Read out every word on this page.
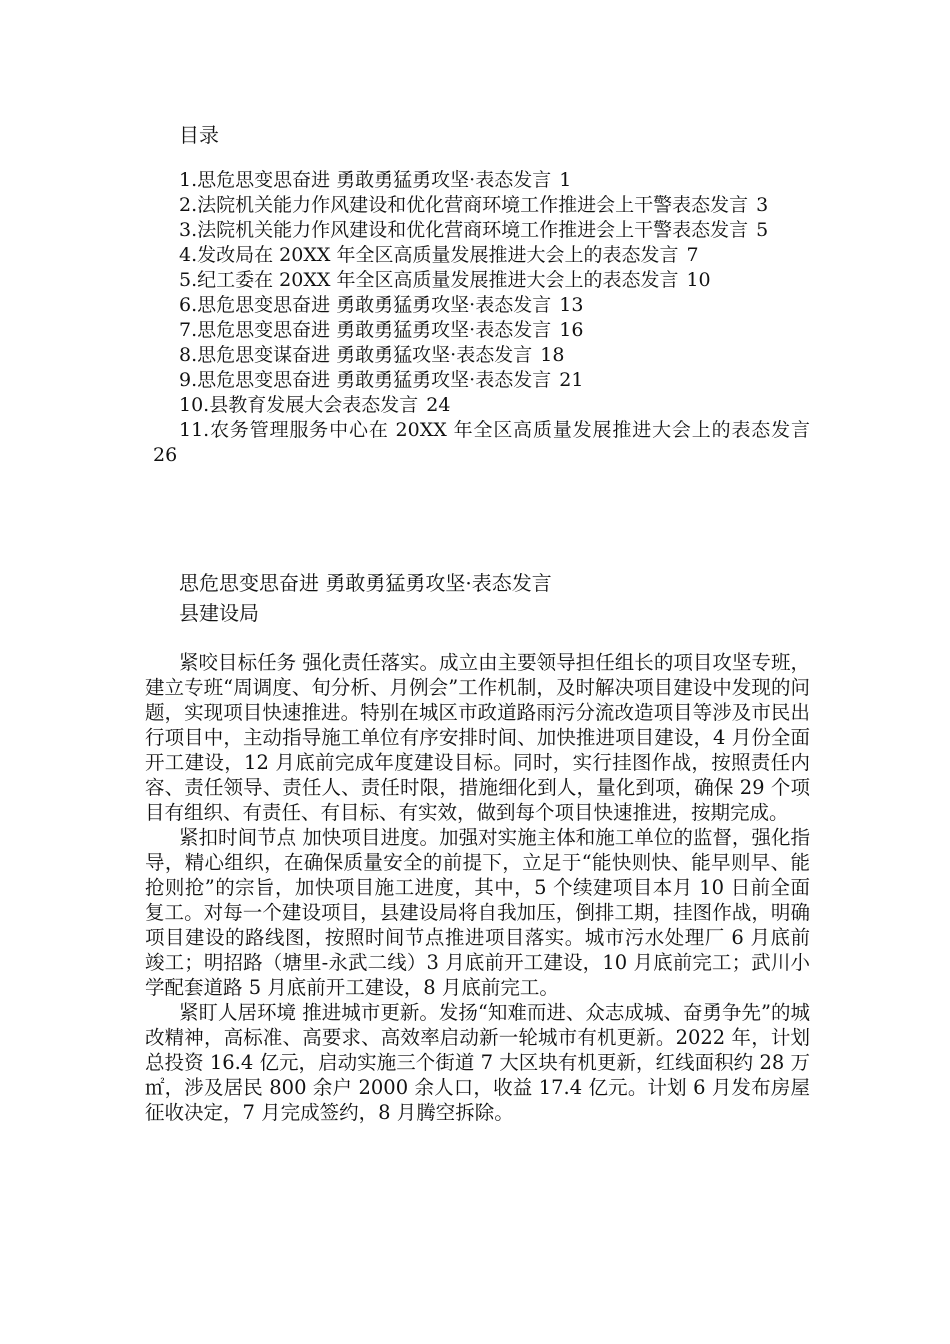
目录

1.思危思变思奋进 勇敢勇猛勇攻坚·表态发言 1
2.法院机关能力作风建设和优化营商环境工作推进会上干警表态发言 3
3.法院机关能力作风建设和优化营商环境工作推进会上干警表态发言 5
4.发改局在 20XX 年全区高质量发展推进大会上的表态发言 7
5.纪工委在 20XX 年全区高质量发展推进大会上的表态发言 10
6.思危思变思奋进 勇敢勇猛勇攻坚·表态发言 13
7.思危思变思奋进 勇敢勇猛勇攻坚·表态发言 16
8.思危思变谋奋进 勇敢勇猛攻坚·表态发言 18
9.思危思变思奋进 勇敢勇猛勇攻坚·表态发言 21
10.县教育发展大会表态发言 24
11.农务管理服务中心在 20XX 年全区高质量发展推进大会上的表态发言26

思危思变思奋进 勇敢勇猛勇攻坚·表态发言

县建设局

紧咬目标任务 强化责任落实。成立由主要领导担任组长的项目攻坚专班，建立专班“周调度、旬分析、月例会”工作机制，及时解决项目建设中发现的问题，实现项目快速推进。特别在城区市政道路雨污分流改造项目等涉及市民出行项目中，主动指导施工单位有序安排时间、加快推进项目建设，4 月份全面开工建设，12 月底前完成年度建设目标。同时，实行挂图作战，按照责任内容、责任领导、责任人、责任时限，措施细化到人，量化到项，确保 29 个项目有组织、有责任、有目标、有实效，做到每个项目快速推进，按期完成。

紧扣时间节点 加快项目进度。加强对实施主体和施工单位的监督，强化指导，精心组织，在确保质量安全的前提下，立足于“能快则快、能早则早、能抢则抢”的宗旨，加快项目施工进度，其中，5 个续建项目本月 10 日前全面复工。对每一个建设项目，县建设局将自我加压，倒排工期，挂图作战，明确项目建设的路线图，按照时间节点推进项目落实。城市污水处理厂 6 月底前竣工；明招路（塘里-永武二线）3 月底前开工建设，10 月底前完工；武川小学配套道路 5 月底前开工建设，8 月底前完工。

紧盯人居环境 推进城市更新。发扬“知难而进、众志成城、奋勇争先”的城改精神，高标准、高要求、高效率启动新一轮城市有机更新。2022 年，计划总投资 16.4 亿元，启动实施三个街道 7 大区块有机更新，红线面积约 28 万㎡，涉及居民 800 余户 2000 余人口，收益 17.4 亿元。计划 6 月发布房屋征收决定，7 月完成签约，8 月腾空拆除。
